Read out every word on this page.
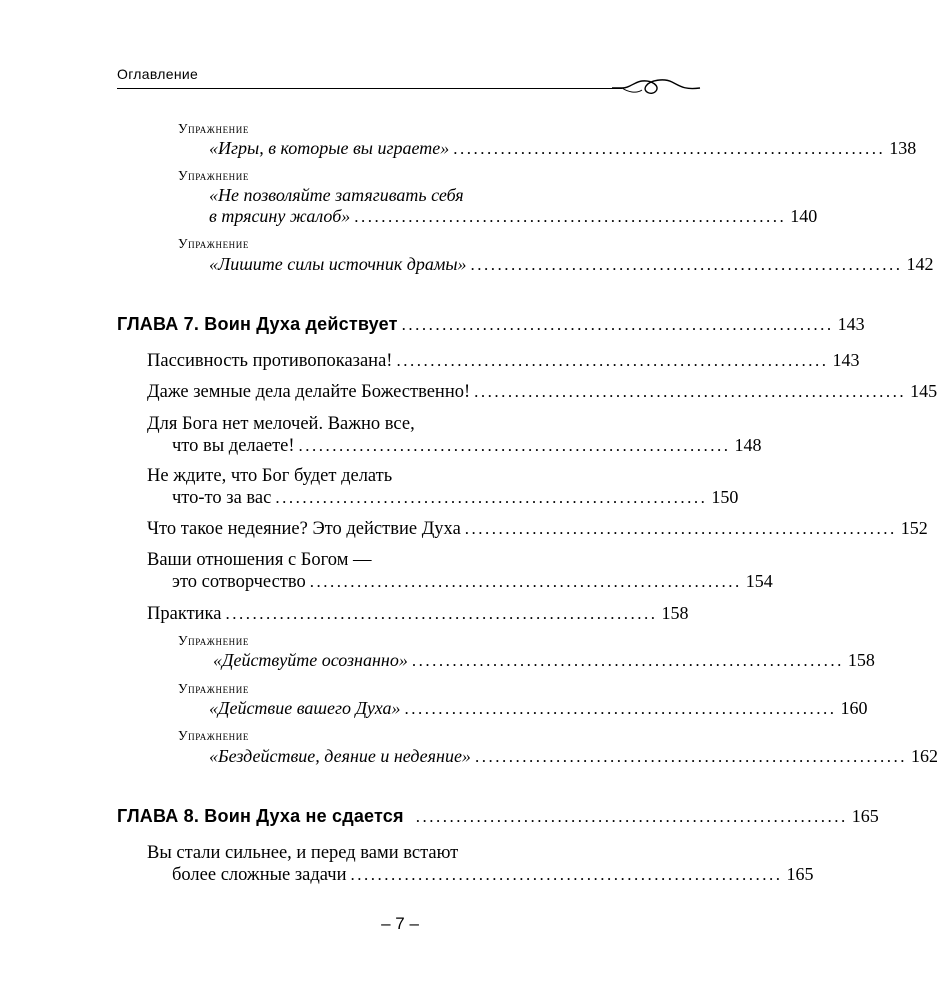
Оглавление
Упражнение
«Игры, в которые вы играете» ................................................................ 138
Упражнение
«Не позволяйте затягивать себя
в трясину жалоб» ................................................................ 140
Упражнение
«Лишите силы источник драмы» ................................................................ 142
ГЛАВА 7. Воин Духа действует ................................................................ 143
Пассивность противопоказана! ................................................................ 143
Даже земные дела делайте Божественно! ................................................................ 145
Для Бога нет мелочей. Важно все,
что вы делаете! ................................................................ 148
Не ждите, что Бог будет делать
что-то за вас ................................................................ 150
Что такое недеяние? Это действие Духа ................................................................ 152
Ваши отношения с Богом —
это сотворчество ................................................................ 154
Практика ................................................................ 158
Упражнение
«Действуйте осознанно» ................................................................ 158
Упражнение
«Действие вашего Духа» ................................................................ 160
Упражнение
«Бездействие, деяние и недеяние» ................................................................ 162
ГЛАВА 8. Воин Духа не сдается ................................................................ 165
Вы стали сильнее, и перед вами встают
более сложные задачи ................................................................ 165
– 7 –
